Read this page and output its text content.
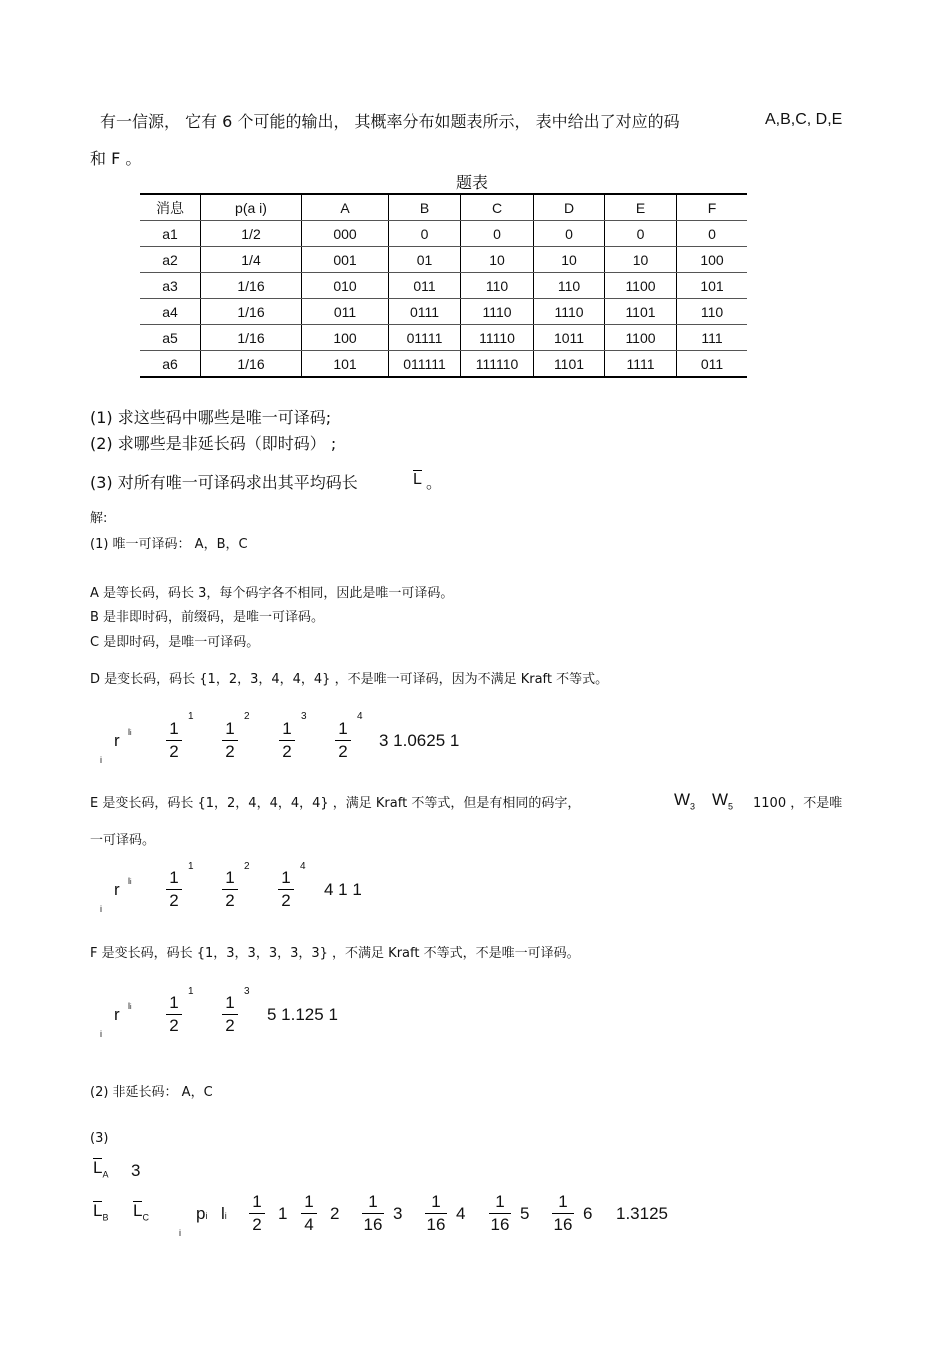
有一信源， 它有 6 个可能的输出， 其概率分布如题表所示， 表中给出了对应的码	A,B,C, D,E
和 F 。
题表
消息	p(a i)	A	B	C	D	E	F
a1	1/2	000	0	0	0	0	0
a2	1/4	001	01	10	10	10	100
a3	1/16	010	011	110	110	1100	101
a4	1/16	011	0111	1110	1110	1101	110
a5	1/16	100	01111	11110	1011	1100	111
a6	1/16	101	011111	111110	1101	1111	011
(1) 求这些码中哪些是唯一可译码;
(2) 求哪些是非延长码（即时码） ;
(3) 对所有唯一可译码求出其平均码长	L 。
解:
(1) 唯一可译码： A，B，C
A 是等长码，码长 3，每个码字各不相同，因此是唯一可译码。
B 是非即时码，前缀码，是唯一可译码。
C 是即时码，是唯一可译码。
D 是变长码，码长 {1，2，3，4，4，4} ，不是唯一可译码，因为不满足 Kraft 不等式。
i
r li	1
2
1
1
2
2
1
2
3
1
2
4
3 1.0625 1
E 是变长码，码长 {1，2，4，4，4，4} ，满足 Kraft 不等式，但是有相同的码字，	$W_3$ $W_5$ 1100 ，不是唯
一可译码。
i
r li	1
2
1
1
2
2
1
2
4
4 1 1
F 是变长码，码长 {1，3，3，3，3，3} ，不满足 Kraft 不等式，不是唯一可译码。
i
r li	1
2
1
1
2
3
5 1.125 1
(2) 非延长码： A，C
(3)
$L_A$ 3
$L_B$ $L_C$
i
pi li
1
2
1
1
4
2
1
16
3
1
16
4
1
16
5
1
16
6 1.3125
